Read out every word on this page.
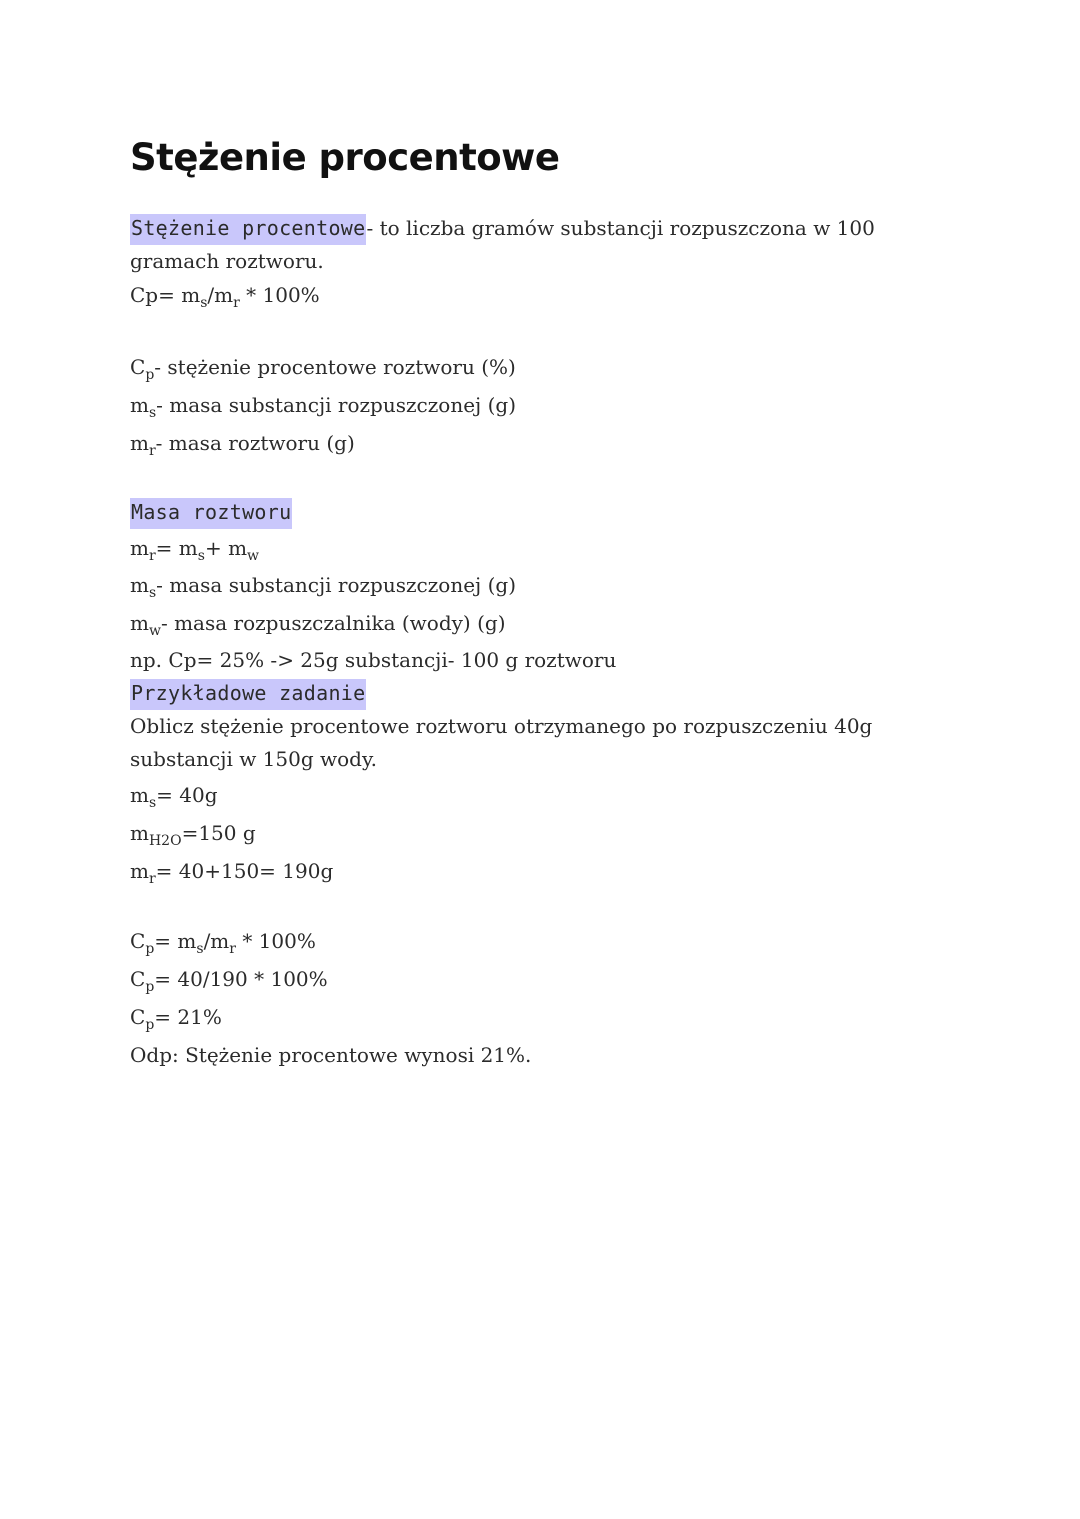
Stężenie procentowe
Stężenie procentowe- to liczba gramów substancji rozpuszczona w 100 gramach roztworu.
$Cp= m_s/m_r * 100\%$
$C_p-$ stężenie procentowe roztworu (%)
$m_s-$ masa substancji rozpuszczonej (g)
$m_r-$ masa roztworu (g)
Masa roztworu
$m_r= m_s+ m_w$
$m_s-$ masa substancji rozpuszczonej (g)
$m_w-$ masa rozpuszczalnika (wody) (g)
np. Cp= 25% -> 25g substancji- 100 g roztworu
Przykładowe zadanie
Oblicz stężenie procentowe roztworu otrzymanego po rozpuszczeniu 40g substancji w 150g wody.
$m_s= 40g$
$m_{H2O}=150$ g
$m_r= 40+150= 190g$
$C_p= m_s/m_r * 100\%$
$C_p= 40/190 * 100\%$
$C_p= 21\%$
Odp: Stężenie procentowe wynosi 21%.
